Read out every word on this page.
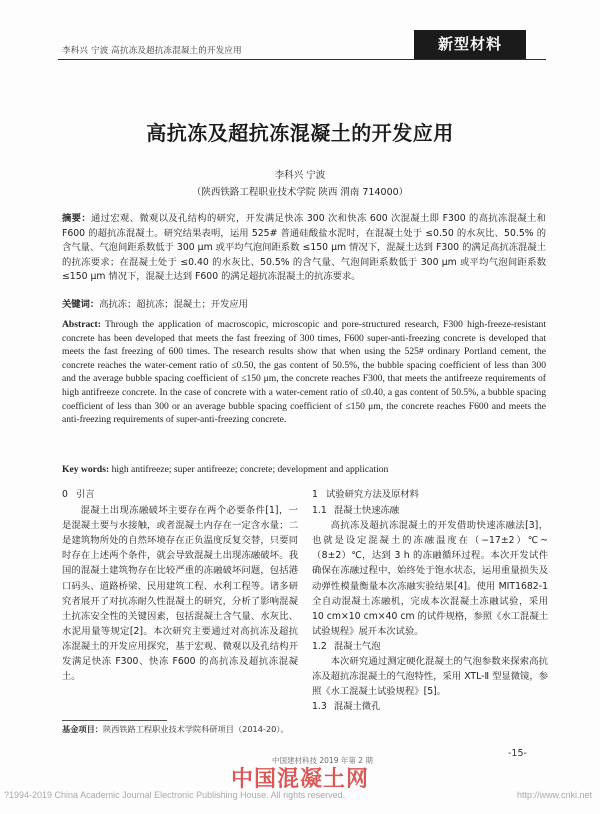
李科兴 宁波 高抗冻及超抗冻混凝土的开发应用	新型材料
高抗冻及超抗冻混凝土的开发应用
李科兴 宁波
（陕西铁路工程职业技术学院 陕西 渭南 714000）
摘要：通过宏观、微观以及孔结构的研究，开发满足快冻 300 次和快冻 600 次混凝土即 F300 的高抗冻混凝土和 F600 的超抗冻混凝土。研究结果表明，运用 525# 普通硅酸盐水泥时，在混凝土处于 ≤0.50 的水灰比、50.5% 的含气量、气泡间距系数低于 300 μm 或平均气泡间距系数 ≤150 μm 情况下，混凝土达到 F300 的满足高抗冻混凝土的抗冻要求；在混凝土处于 ≤0.40 的水灰比、50.5% 的含气量、气泡间距系数低于 300 μm 或平均气泡间距系数 ≤150 μm 情况下，混凝土达到 F600 的满足超抗冻混凝土的抗冻要求。
关键词：高抗冻；超抗冻；混凝土；开发应用
Abstract: Through the application of macroscopic, microscopic and pore-structured research, F300 high-freeze-resistant concrete has been developed that meets the fast freezing of 300 times, F600 super-anti-freezing concrete is developed that meets the fast freezing of 600 times. The research results show that when using the 525# ordinary Portland cement, the concrete reaches the water-cement ratio of ≤0.50, the gas content of 50.5%, the bubble spacing coefficient of less than 300 and the average bubble spacing coefficient of ≤150 μm, the concrete reaches F300, that meets the antifreeze requirements of high antifreeze concrete. In the case of concrete with a water-cement ratio of ≤0.40, a gas content of 50.5%, a bubble spacing coefficient of less than 300 or an average bubble spacing coefficient of ≤150 μm, the concrete reaches F600 and meets the anti-freezing requirements of super-anti-freezing concrete.
Key words: high antifreeze; super antifreeze; concrete; development and application
0 引言

混凝土出现冻融破坏主要存在两个必要条件[1]，一是混凝土要与水接触，或者混凝土内存在一定含水量；二是建筑物所处的自然环境存在正负温度反复交替，只要同时存在上述两个条件，就会导致混凝土出现冻融破坏。我国的混凝土建筑物存在比较严重的冻融破坏问题，包括港口码头、道路桥梁、民用建筑工程、水利工程等。诸多研究者展开了对抗冻耐久性混凝土的研究，分析了影响混凝土抗冻安全性的关键因素，包括混凝土含气量、水灰比、水泥用量等规定[2]。本次研究主要通过对高抗冻及超抗冻混凝土的开发应用探究，基于宏观、微观以及孔结构开发满足快冻 F300、快冻 F600 的高抗冻及超抗冻混凝土。

1 试验研究方法及原材料
1.1 混凝土快速冻融

高抗冻及超抗冻混凝土的开发借助快速冻融法[3]，也就是设定混凝土的冻融温度在（−17±2）℃~（8±2）℃，达到 3 h 的冻融循环过程。本次开发试件确保在冻融过程中，始终处于饱水状态，运用重量损失及动弹性模量衡量本次冻融实验结果[4]。使用 MIT1682-1 全自动混凝土冻融机，完成本次混凝土冻融试验，采用 10 cm×10 cm×40 cm 的试件规格，参照《水工混凝土试验规程》展开本次试验。

1.2 混凝土气泡

本次研究通过测定硬化混凝土的气泡参数来探索高抗冻及超抗冻混凝土的气泡特性，采用 XTL-Ⅱ 型显微镜，参照《水工混凝土试验规程》[5]。

1.3 混凝土微孔
基金项目：陕西铁路工程职业技术学院科研项目（2014-20）。
-15-
中国建材科技 2019 年第 2 期
中国混凝土网
?1994-2019 China Academic Journal Electronic Publishing House. All rights reserved.	http://www.cnki.net
